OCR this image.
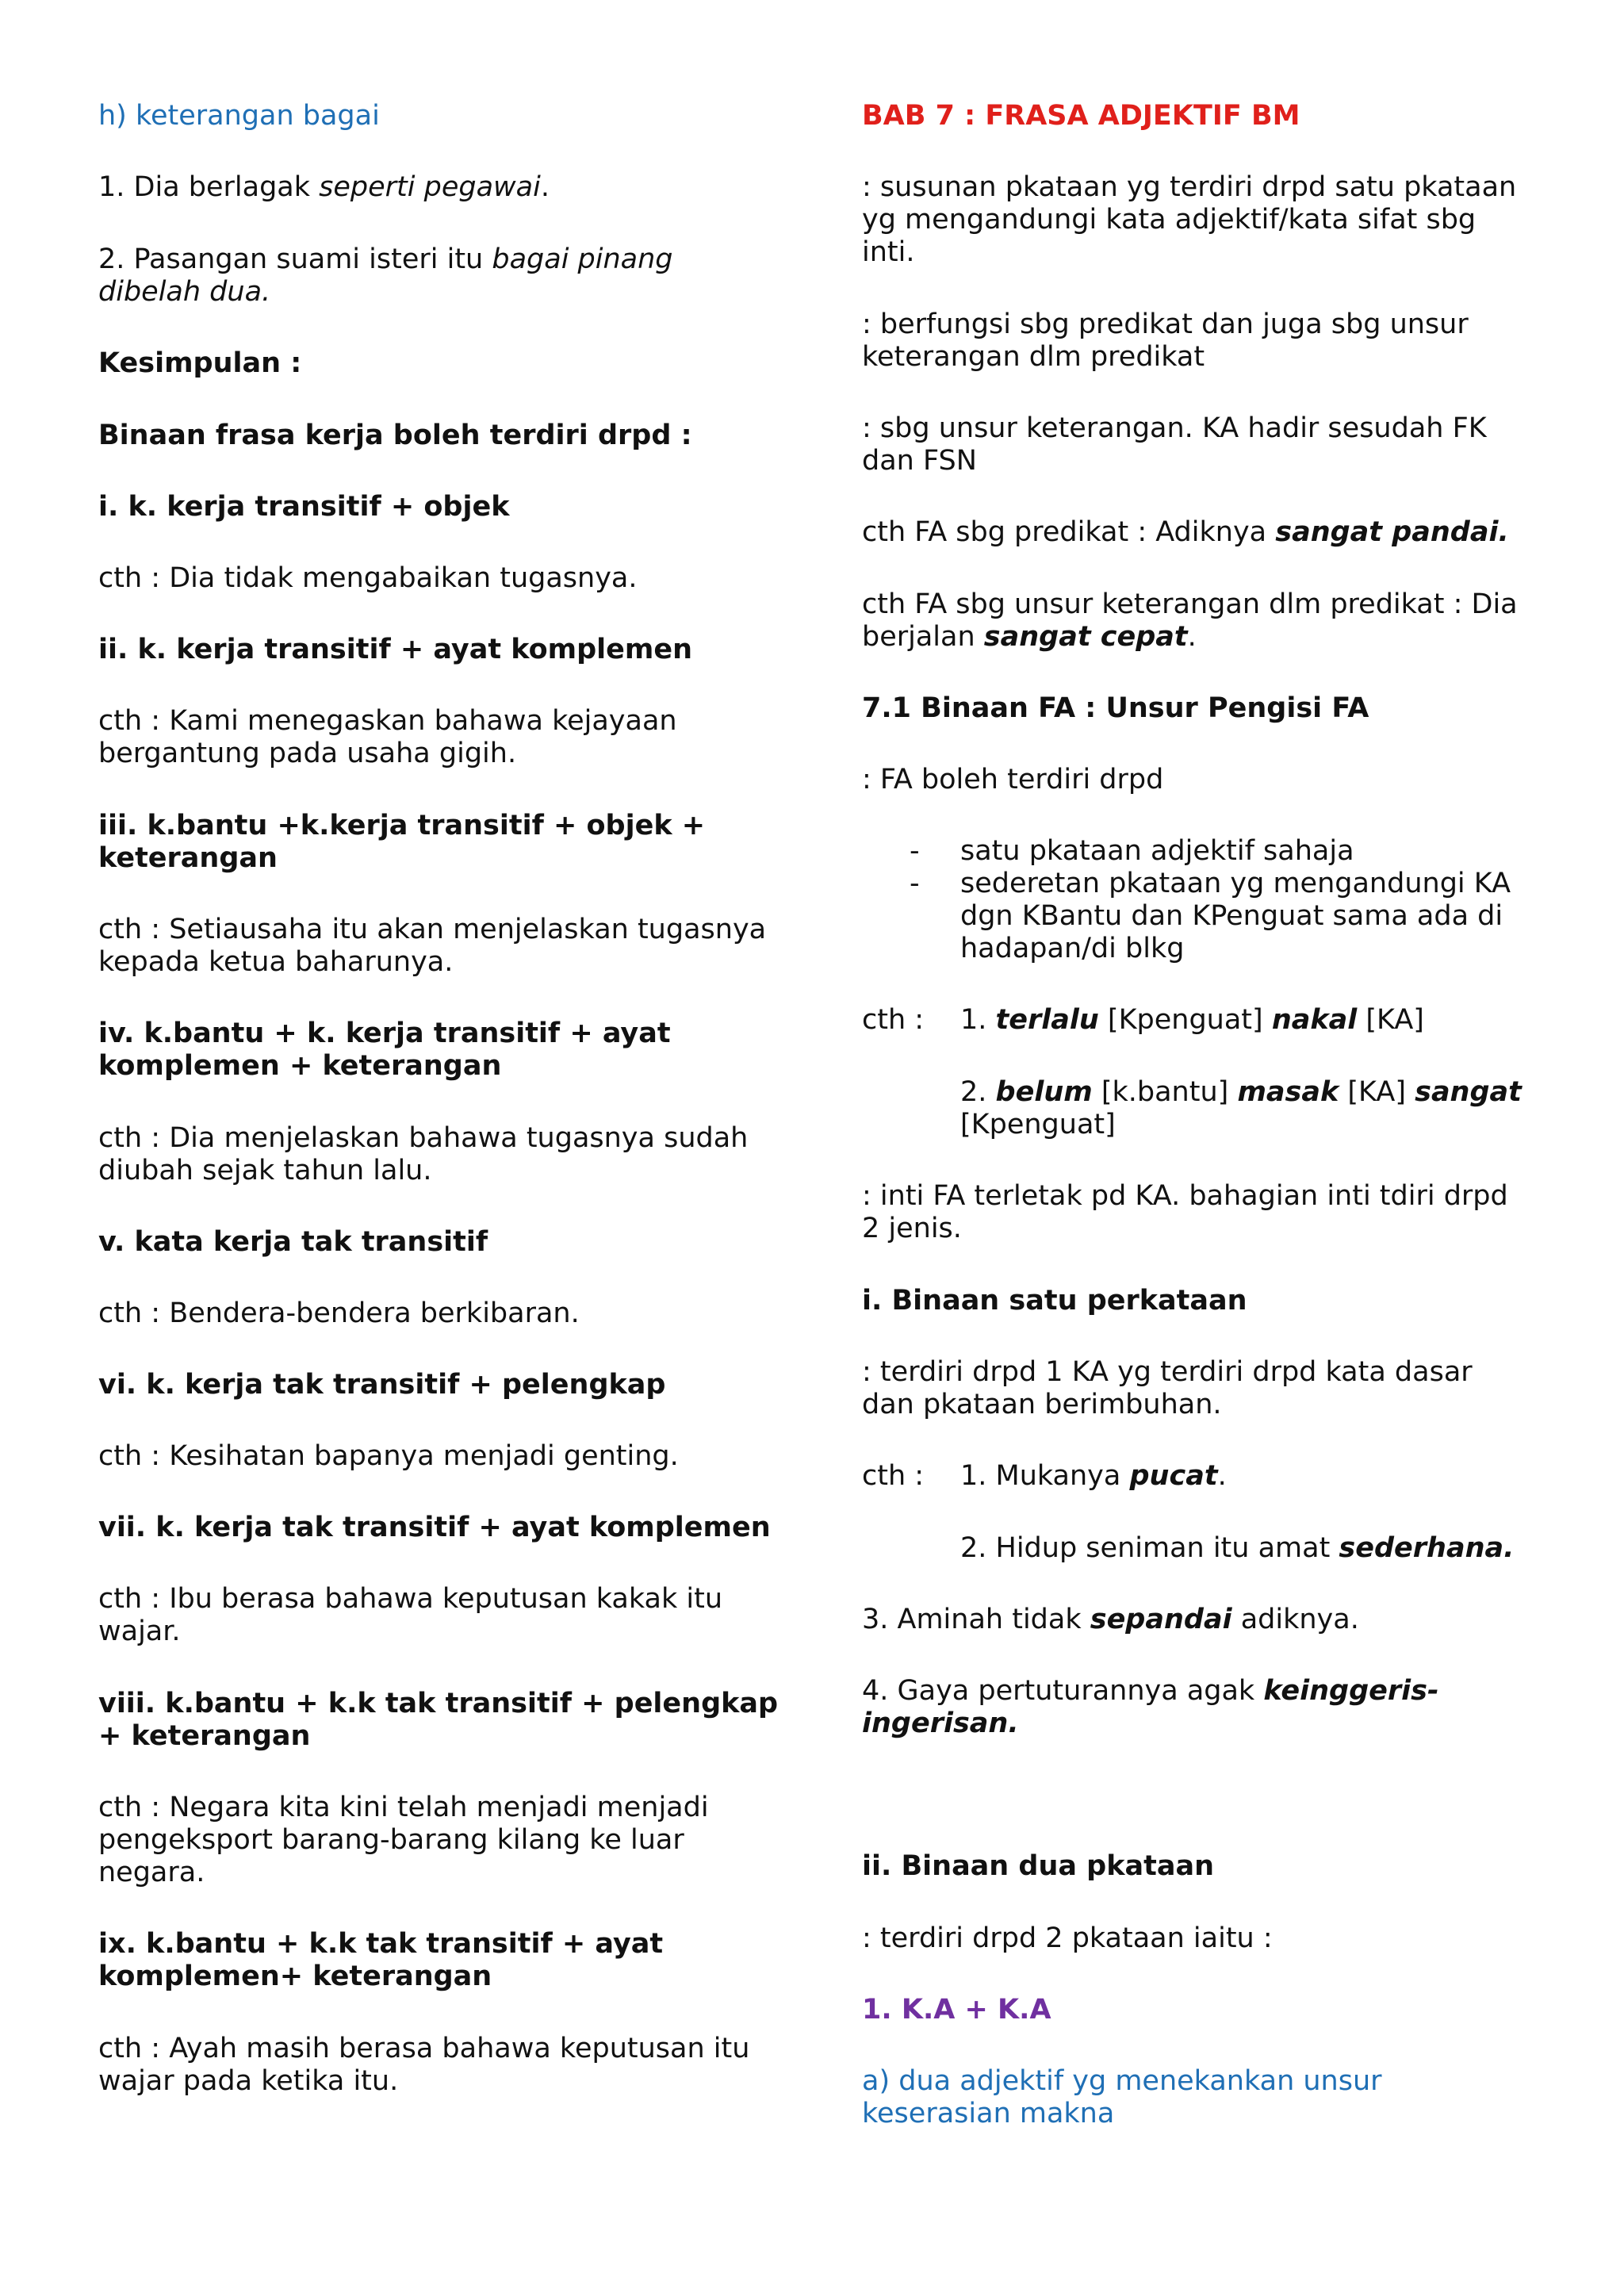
h) keterangan bagai

1. Dia berlagak seperti pegawai.

2. Pasangan suami isteri itu bagai pinang

dibelah dua.

Kesimpulan :

Binaan frasa kerja boleh terdiri drpd :

i. k. kerja transitif + objek

cth : Dia tidak mengabaikan tugasnya.

ii. k. kerja transitif + ayat komplemen

cth : Kami menegaskan bahawa kejayaan

bergantung pada usaha gigih.

iii. k.bantu +k.kerja transitif + objek +

keterangan

cth : Setiausaha itu akan menjelaskan tugasnya

kepada ketua baharunya.

iv. k.bantu + k. kerja transitif + ayat

komplemen + keterangan

cth : Dia menjelaskan bahawa tugasnya sudah

diubah sejak tahun lalu.

v. kata kerja tak transitif

cth : Bendera-bendera berkibaran.

vi. k. kerja tak transitif + pelengkap

cth : Kesihatan bapanya menjadi genting.

vii. k. kerja tak transitif + ayat komplemen

cth : Ibu berasa bahawa keputusan kakak itu

wajar.

viii. k.bantu + k.k tak transitif + pelengkap

+ keterangan

cth : Negara kita kini telah menjadi menjadi

pengeksport barang-barang kilang ke luar

negara.

ix. k.bantu + k.k tak transitif + ayat

komplemen+ keterangan

cth : Ayah masih berasa bahawa keputusan itu

wajar pada ketika itu.

BAB 7 : FRASA ADJEKTIF BM

: susunan pkataan yg terdiri drpd satu pkataan

yg mengandungi kata adjektif/kata sifat sbg

inti.

: berfungsi sbg predikat dan juga sbg unsur

keterangan dlm predikat

: sbg unsur keterangan. KA hadir sesudah FK

dan FSN

cth FA sbg predikat : Adiknya sangat pandai.

cth FA sbg unsur keterangan dlm predikat : Dia

berjalan sangat cepat.

7.1 Binaan FA : Unsur Pengisi FA

: FA boleh terdiri drpd

- satu pkataan adjektif sahaja

- sederetan pkataan yg mengandungi KA

dgn KBantu dan KPenguat sama ada di

hadapan/di blkg

cth : 1. terlalu [Kpenguat] nakal [KA]

2. belum [k.bantu] masak [KA] sangat

[Kpenguat]

: inti FA terletak pd KA. bahagian inti tdiri drpd

2 jenis.

i. Binaan satu perkataan

: terdiri drpd 1 KA yg terdiri drpd kata dasar

dan pkataan berimbuhan.

cth : 1. Mukanya pucat.

2. Hidup seniman itu amat sederhana.

3. Aminah tidak sepandai adiknya.

4. Gaya pertuturannya agak keinggeris-

ingerisan.

ii. Binaan dua pkataan

: terdiri drpd 2 pkataan iaitu :

1. K.A + K.A

a) dua adjektif yg menekankan unsur

keserasian makna
